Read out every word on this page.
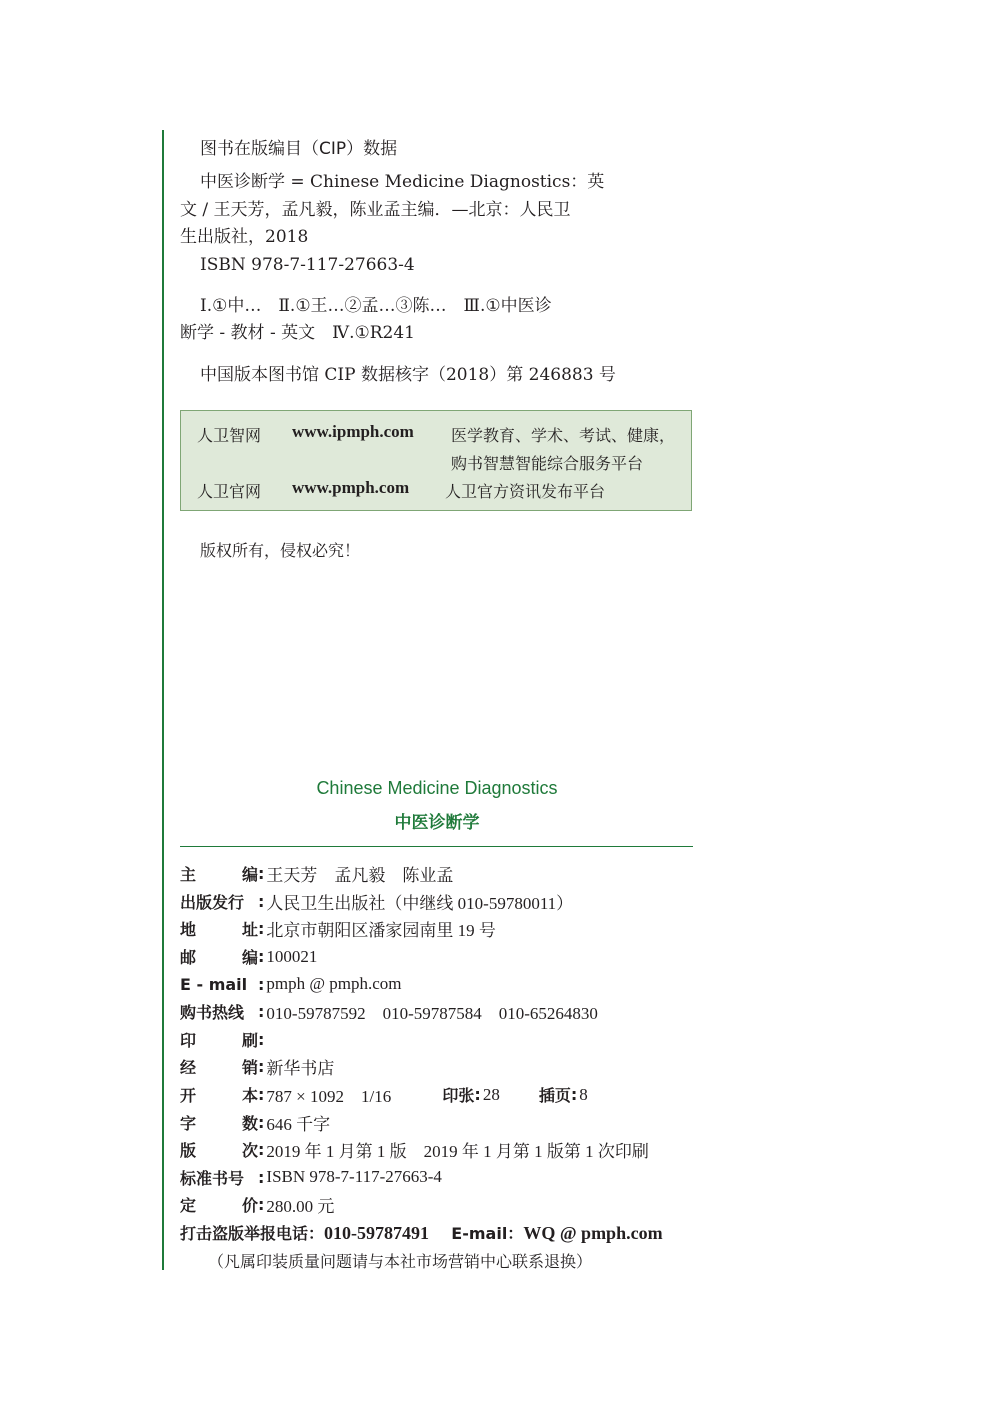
图书在版编目（CIP）数据
中医诊断学 = Chinese Medicine Diagnostics：英
文 / 王天芳，孟凡毅，陈业孟主编．—北京：人民卫
生出版社，2018
ISBN 978-7-117-27663-4
Ⅰ.①中…　Ⅱ.①王…②孟…③陈…　Ⅲ.①中医诊
断学 - 教材 - 英文　Ⅳ.①R241
中国版本图书馆 CIP 数据核字（2018）第 246883 号
人卫智网 www.ipmph.com 医学教育、学术、考试、健康，
购书智慧智能综合服务平台
人卫官网 www.pmph.com 人卫官方资讯发布平台
版权所有，侵权必究！
Chinese Medicine Diagnostics
中医诊断学
主	编 : 王天芳　孟凡毅　陈业孟
出版发行 : 人民卫生出版社（中继线 010-59780011）
地	址 : 北京市朝阳区潘家园南里 19 号
邮	编 : 100021
E - mail : pmph @ pmph.com
购书热线 : 010-59787592　010-59787584　010-65264830
印	刷 :
经	销 : 新华书店
开	本 : 787 × 1092　1/16	印张 : 28	插页 : 8
字	数 : 646 千字
版	次 : 2019 年 1 月第 1 版　2019 年 1 月第 1 版第 1 次印刷
标准书号 : ISBN 978-7-117-27663-4
定	价 : 280.00 元
打击盗版举报电话：010-59787491 E-mail：WQ @ pmph.com
（凡属印装质量问题请与本社市场营销中心联系退换）
